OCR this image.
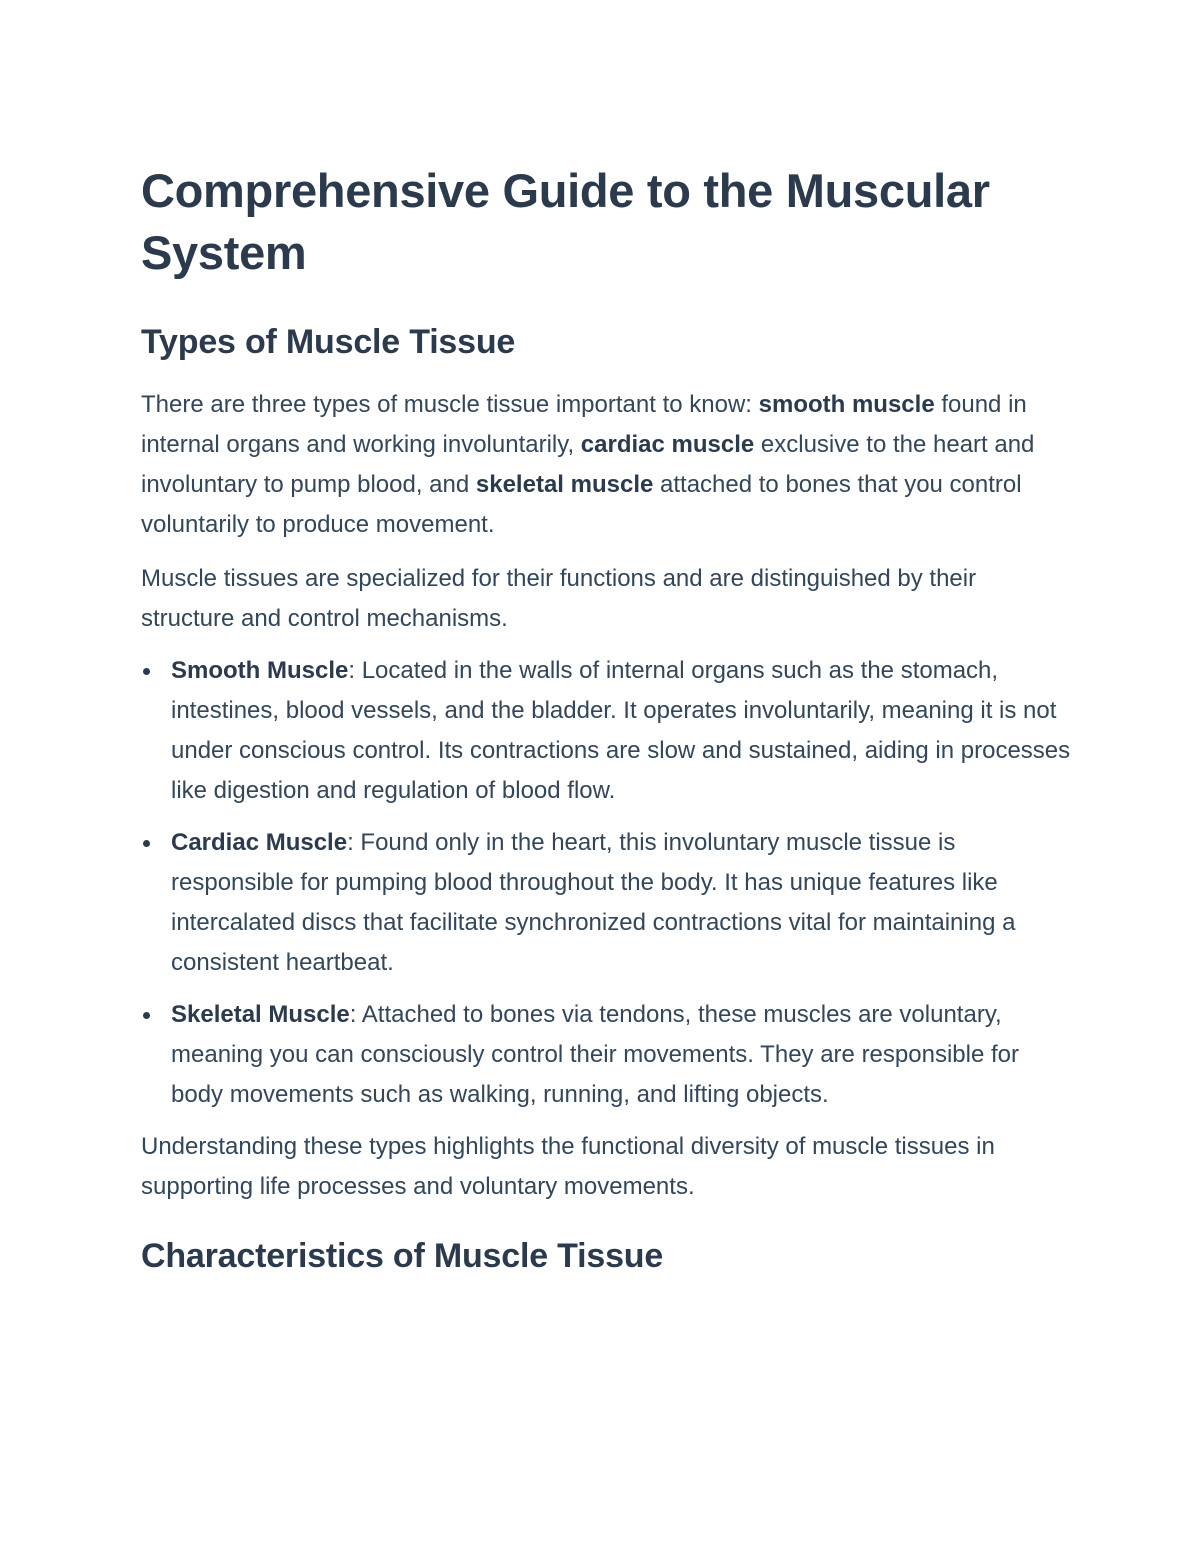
Comprehensive Guide to the Muscular System
Types of Muscle Tissue

There are three types of muscle tissue important to know: smooth muscle found in internal organs and working involuntarily, cardiac muscle exclusive to the heart and involuntary to pump blood, and skeletal muscle attached to bones that you control voluntarily to produce movement.

Muscle tissues are specialized for their functions and are distinguished by their structure and control mechanisms.

Smooth Muscle: Located in the walls of internal organs such as the stomach, intestines, blood vessels, and the bladder. It operates involuntarily, meaning it is not under conscious control. Its contractions are slow and sustained, aiding in processes like digestion and regulation of blood flow.
Cardiac Muscle: Found only in the heart, this involuntary muscle tissue is responsible for pumping blood throughout the body. It has unique features like intercalated discs that facilitate synchronized contractions vital for maintaining a consistent heartbeat.
Skeletal Muscle: Attached to bones via tendons, these muscles are voluntary, meaning you can consciously control their movements. They are responsible for body movements such as walking, running, and lifting objects.

Understanding these types highlights the functional diversity of muscle tissues in supporting life processes and voluntary movements.

Characteristics of Muscle Tissue
